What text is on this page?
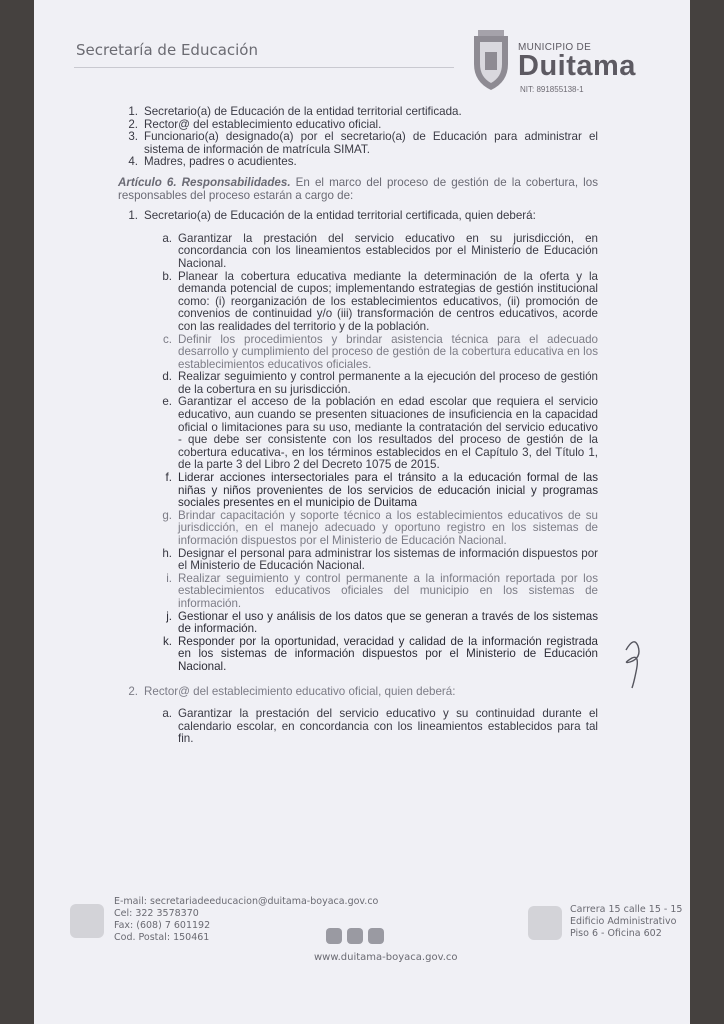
Secretaría de Educación	MUNICIPIO DE
Duitama
NIT: 891855138-1
1. Secretario(a) de Educación de la entidad territorial certificada.
2. Rector@ del establecimiento educativo oficial.
3. Funcionario(a) designado(a) por el secretario(a) de Educación para administrar el sistema de información de matrícula SIMAT.
4. Madres, padres o acudientes.
Artículo 6. Responsabilidades. En el marco del proceso de gestión de la cobertura, los responsables del proceso estarán a cargo de:
1. Secretario(a) de Educación de la entidad territorial certificada, quien deberá:
a. Garantizar la prestación del servicio educativo en su jurisdicción, en concordancia con los lineamientos establecidos por el Ministerio de Educación Nacional.
b. Planear la cobertura educativa mediante la determinación de la oferta y la demanda potencial de cupos; implementando estrategias de gestión institucional como: (i) reorganización de los establecimientos educativos, (ii) promoción de convenios de continuidad y/o (iii) transformación de centros educativos, acorde con las realidades del territorio y de la población.
c. Definir los procedimientos y brindar asistencia técnica para el adecuado desarrollo y cumplimiento del proceso de gestión de la cobertura educativa en los establecimientos educativos oficiales.
d. Realizar seguimiento y control permanente a la ejecución del proceso de gestión de la cobertura en su jurisdicción.
e. Garantizar el acceso de la población en edad escolar que requiera el servicio educativo, aun cuando se presenten situaciones de insuficiencia en la capacidad oficial o limitaciones para su uso, mediante la contratación del servicio educativo - que debe ser consistente con los resultados del proceso de gestión de la cobertura educativa-, en los términos establecidos en el Capítulo 3, del Título 1, de la parte 3 del Libro 2 del Decreto 1075 de 2015.
f. Liderar acciones intersectoriales para el tránsito a la educación formal de las niñas y niños provenientes de los servicios de educación inicial y programas sociales presentes en el municipio de Duitama
g. Brindar capacitación y soporte técnico a los establecimientos educativos de su jurisdicción, en el manejo adecuado y oportuno registro en los sistemas de información dispuestos por el Ministerio de Educación Nacional.
h. Designar el personal para administrar los sistemas de información dispuestos por el Ministerio de Educación Nacional.
i. Realizar seguimiento y control permanente a la información reportada por los establecimientos educativos oficiales del municipio en los sistemas de información.
j. Gestionar el uso y análisis de los datos que se generan a través de los sistemas de información.
k. Responder por la oportunidad, veracidad y calidad de la información registrada en los sistemas de información dispuestos por el Ministerio de Educación Nacional.
2. Rector@ del establecimiento educativo oficial, quien deberá:
a. Garantizar la prestación del servicio educativo y su continuidad durante el calendario escolar, en concordancia con los lineamientos establecidos para tal fin.
E-mail: secretariadeeducacion@duitama-boyaca.gov.co
Cel: 322 3578370
Fax: (608) 7 601192
Cod. Postal: 150461
www.duitama-boyaca.gov.co
Carrera 15 calle 15 - 15
Edificio Administrativo
Piso 6 - Oficina 602
